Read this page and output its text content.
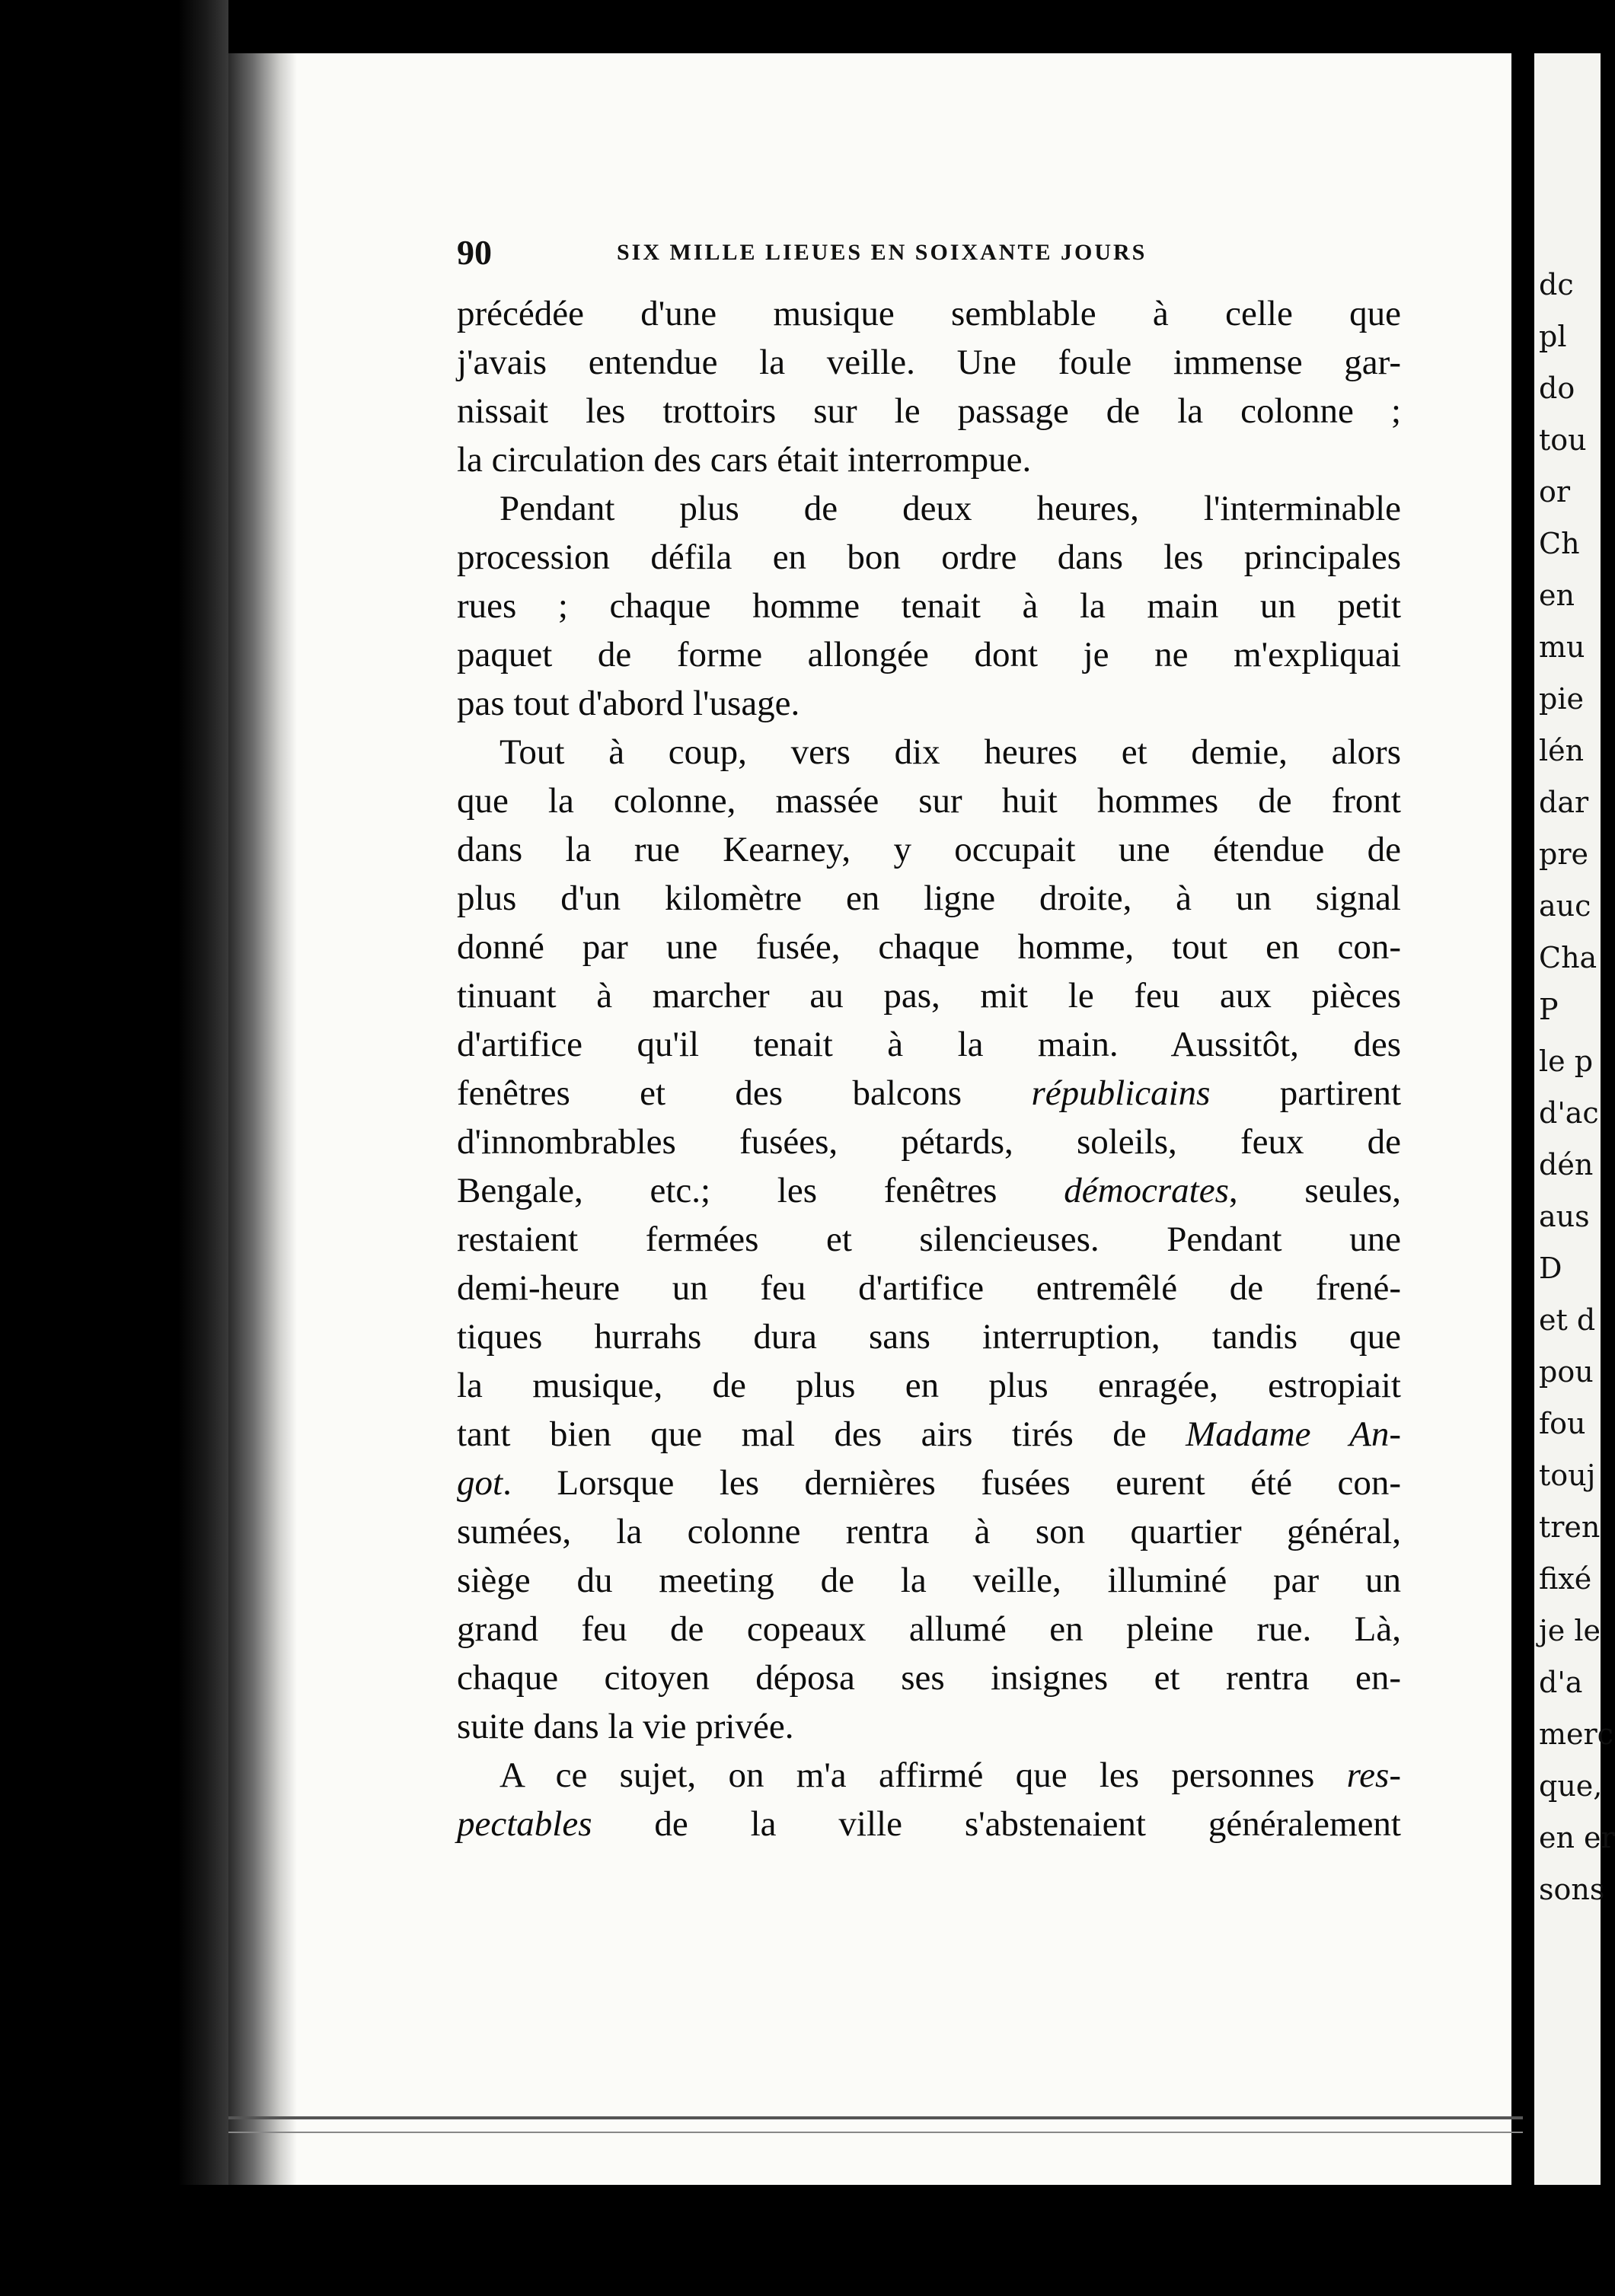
dc
pl
do
tou
or
Ch
en
mu
pie
lén
dar
pre
auc
Cha
P
le p
d'ac
dén
aus
D
et d
pou
fou
touj
tren
fixé
je le
d'a
merc
que,
en er
sons
90	SIX MILLE LIEUES EN SOIXANTE JOURS
précédée d'une musique semblable à celle que
j'avais entendue la veille. Une foule immense gar-
nissait les trottoirs sur le passage de la colonne ;
la circulation des cars était interrompue.
Pendant plus de deux heures, l'interminable
procession défila en bon ordre dans les principales
rues ; chaque homme tenait à la main un petit
paquet de forme allongée dont je ne m'expliquai
pas tout d'abord l'usage.
Tout à coup, vers dix heures et demie, alors
que la colonne, massée sur huit hommes de front
dans la rue Kearney, y occupait une étendue de
plus d'un kilomètre en ligne droite, à un signal
donné par une fusée, chaque homme, tout en con-
tinuant à marcher au pas, mit le feu aux pièces
d'artifice qu'il tenait à la main. Aussitôt, des
fenêtres et des balcons républicains partirent
d'innombrables fusées, pétards, soleils, feux de
Bengale, etc.; les fenêtres démocrates, seules,
restaient fermées et silencieuses. Pendant une
demi-heure un feu d'artifice entremêlé de frené-
tiques hurrahs dura sans interruption, tandis que
la musique, de plus en plus enragée, estropiait
tant bien que mal des airs tirés de Madame An-
got. Lorsque les dernières fusées eurent été con-
sumées, la colonne rentra à son quartier général,
siège du meeting de la veille, illuminé par un
grand feu de copeaux allumé en pleine rue. Là,
chaque citoyen déposa ses insignes et rentra en-
suite dans la vie privée.
A ce sujet, on m'a affirmé que les personnes res-
pectables de la ville s'abstenaient généralement
